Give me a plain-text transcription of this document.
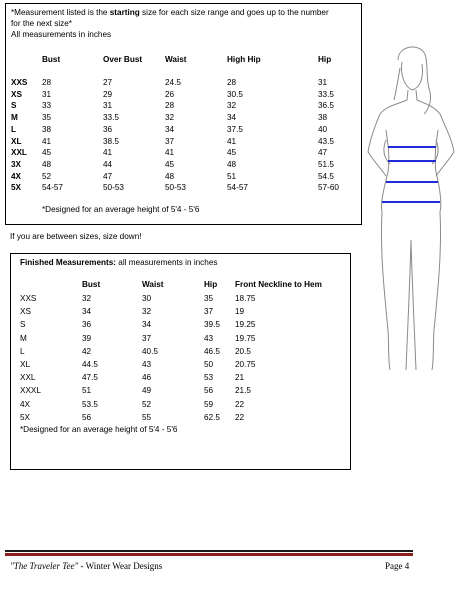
*Measurement listed is the starting size for each size range and goes up to the number
for the next size*
All measurements in inches
Bust	Over Bust	Waist	High Hip	Hip
XXS 28	27	24.5	28	31
XS 31	29	26	30.5	33.5
S	33	31	28	32	36.5
M	35	33.5	32	34	38
L	38	36	34	37.5	40
XL	41	38.5	37	41	43.5
XXL 45	41	41	45	47
3X	48	44	45	48	51.5
4X	52	47	48	51	54.5
5X	54-57	50-53	50-53	54-57	57-60
*Designed for an average height of 5'4 - 5'6
If you are between sizes, size down!
Finished Measurements: all measurements in inches
Bust	Waist	Hip Front Neckline to Hem
XXS	32	30	35	18.75
XS	34	32	37	19
S	36	34	39.5 19.25
M	39	37	43	19.75
L	42	40.5	46.5 20.5
XL	44.5	43	50	20.75
XXL	47.5	46	53	21
XXXL	51	49	56	21.5
4X	53.5	52	59	22
5X	56	55	62.5 22
*Designed for an average height of 5'4 - 5'6
"The Traveler Tee" - Winter Wear Designs	Page 4
